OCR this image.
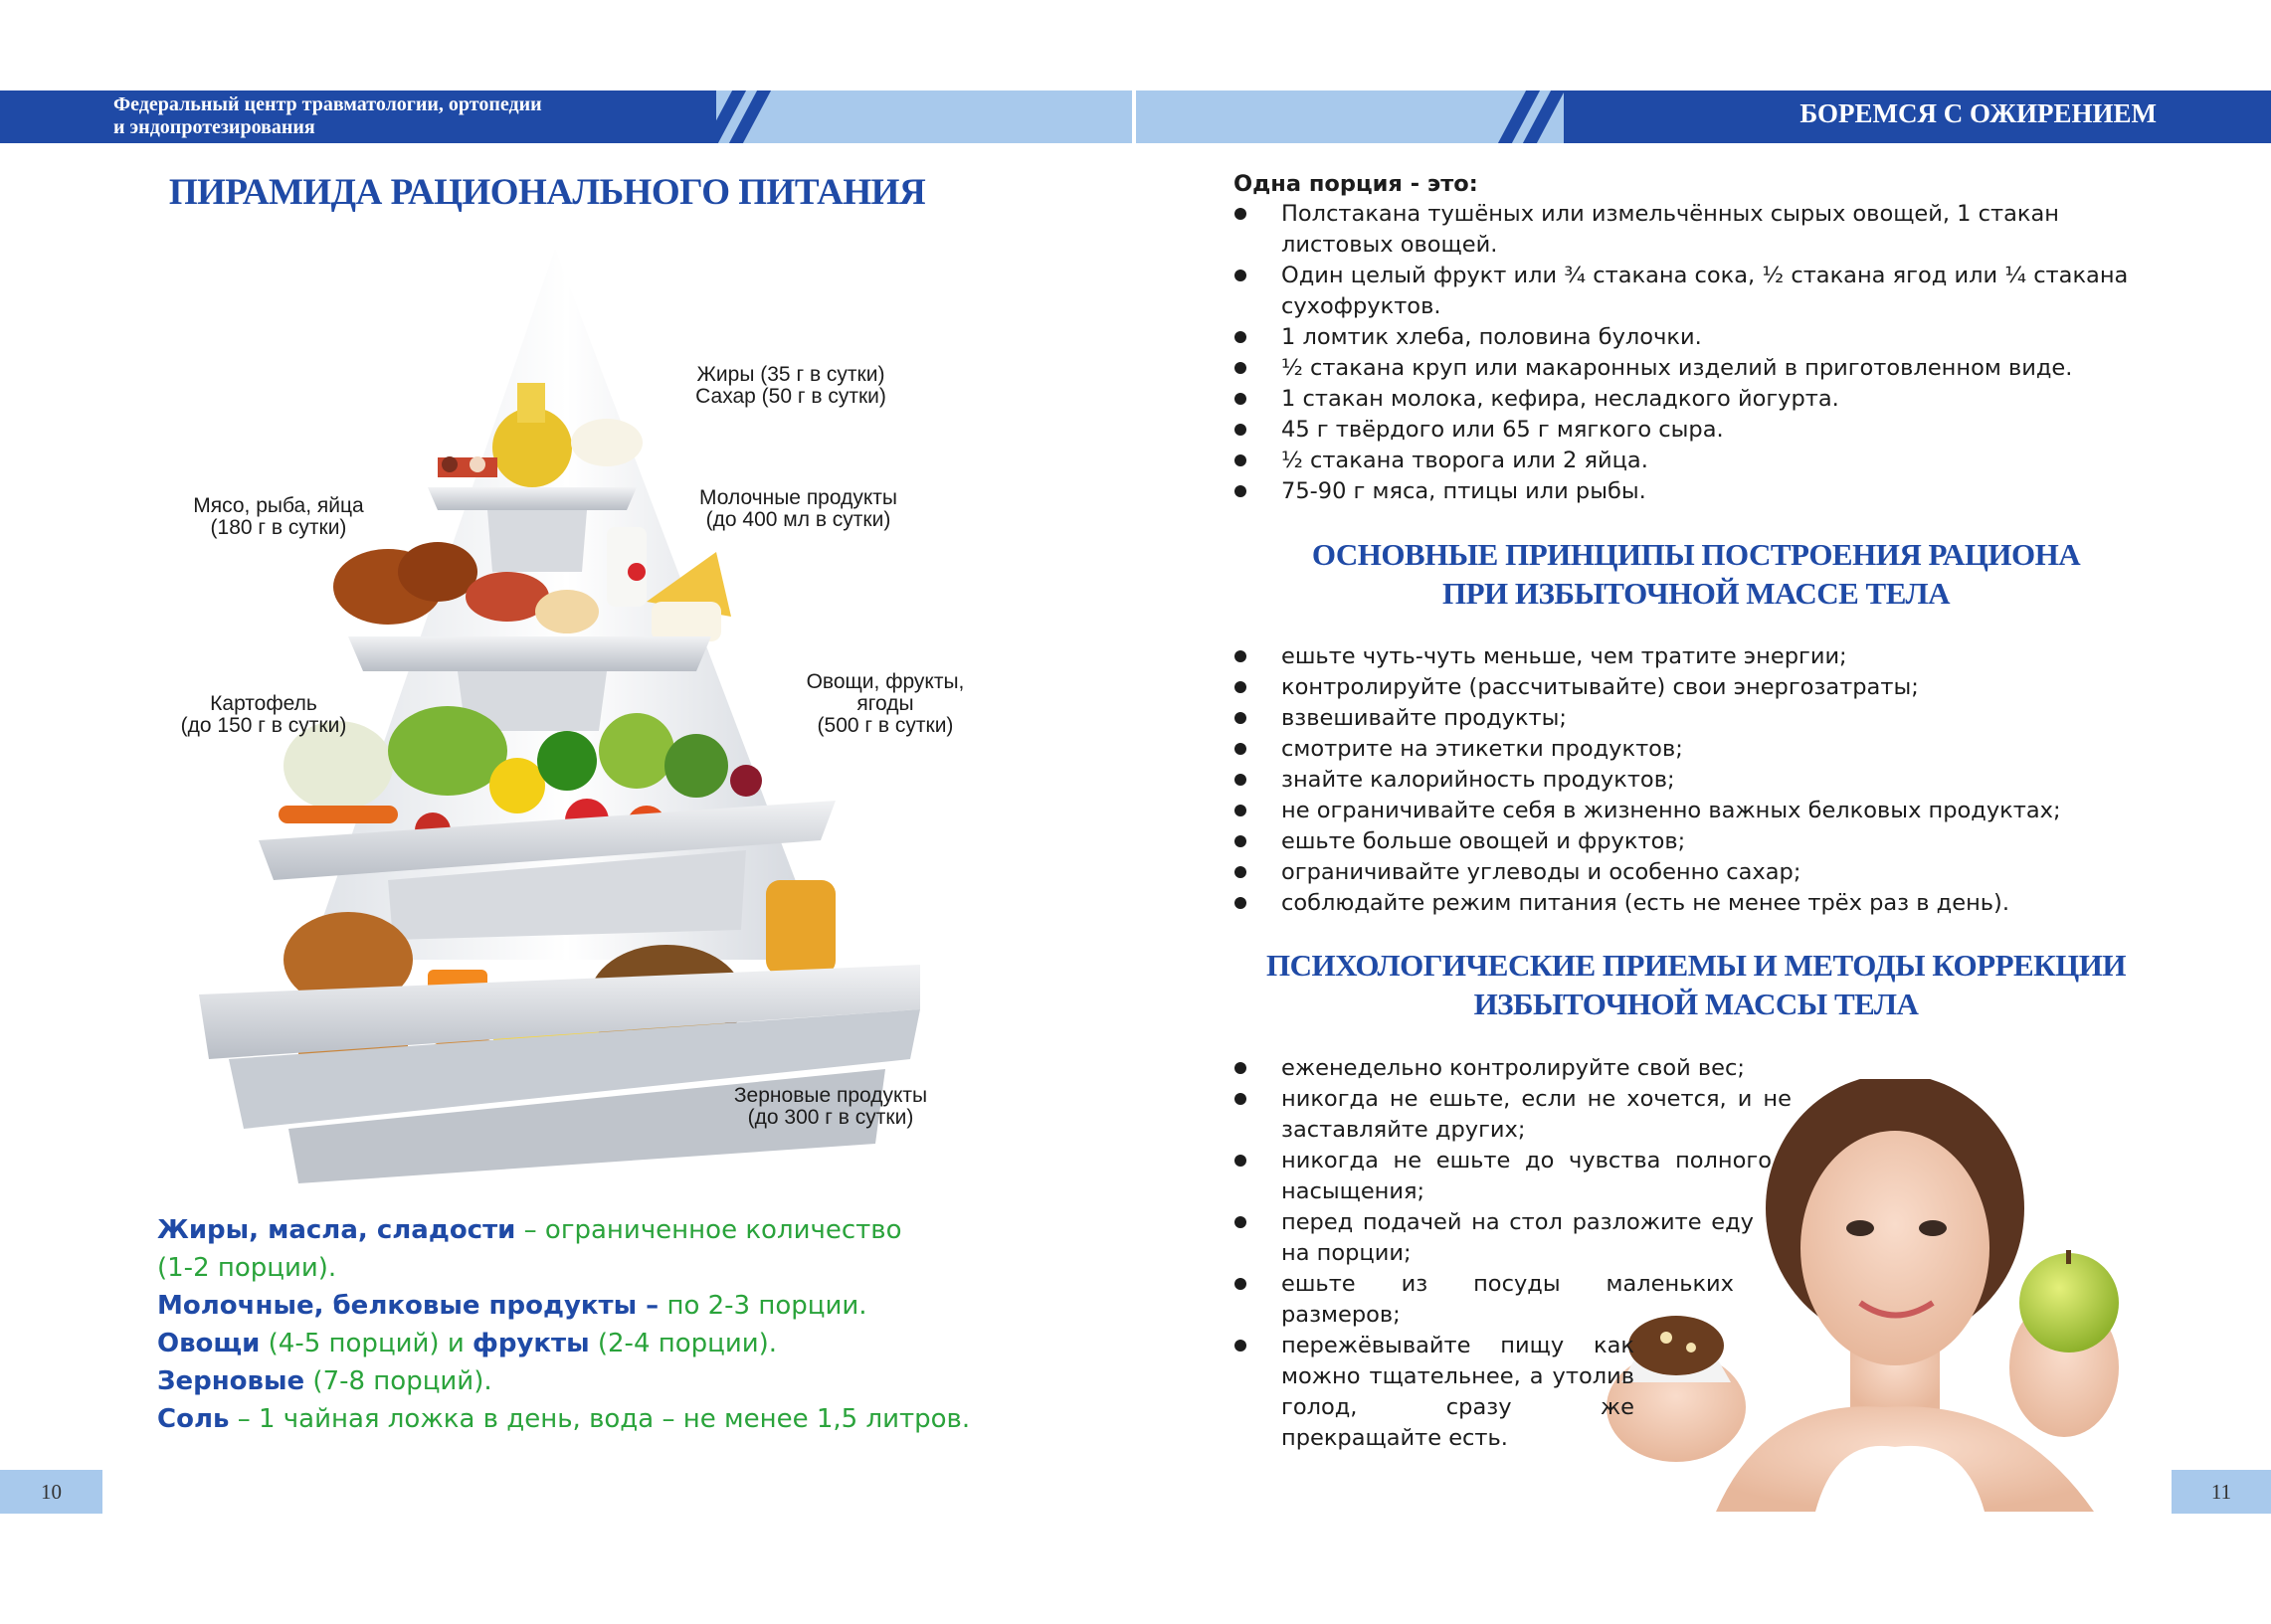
Федеральный центр травматологии, ортопедии
и эндопротезирования	БОРЕМСЯ С ОЖИРЕНИЕМ
ПИРАМИДА РАЦИОНАЛЬНОГО ПИТАНИЯ
Жиры (35 г в сутки)
Сахар (50 г в сутки)
Мясо, рыба, яйца
(180 г в сутки)
Молочные продукты
(до 400 мл в сутки)
Картофель
(до 150 г в сутки)
Овощи, фрукты,
ягоды
(500 г в сутки)
Зерновые продукты
(до 300 г в сутки)
Жиры, масла, сладости – ограниченное количество
(1-2 порции).
Молочные, белковые продукты – по 2-3 порции.
Овощи (4-5 порций) и фрукты (2-4 порции).
Зерновые (7-8 порций).
Соль – 1 чайная ложка в день, вода – не менее 1,5 литров.
10
Одна порция - это:
Полстакана тушёных или измельчённых сырых овощей, 1 стакан листовых овощей.
Один целый фрукт или ¾ стакана сока, ½ стакана ягод или ¼ стакана сухофруктов.
1 ломтик хлеба, половина булочки.
½ стакана круп или макаронных изделий в приготовленном виде.
1 стакан молока, кефира, несладкого йогурта.
45 г твёрдого или 65 г мягкого сыра.
½ стакана творога или 2 яйца.
75-90 г мяса, птицы или рыбы.
ОСНОВНЫЕ ПРИНЦИПЫ ПОСТРОЕНИЯ РАЦИОНА
ПРИ ИЗБЫТОЧНОЙ МАССЕ ТЕЛА
ешьте чуть-чуть меньше, чем тратите энергии;
контролируйте (рассчитывайте) свои энергозатраты;
взвешивайте продукты;
смотрите на этикетки продуктов;
знайте калорийность продуктов;
не ограничивайте себя в жизненно важных белковых продуктах;
ешьте больше овощей и фруктов;
ограничивайте углеводы и особенно сахар;
соблюдайте режим питания (есть не менее трёх раз в день).
ПСИХОЛОГИЧЕСКИЕ ПРИЕМЫ И МЕТОДЫ КОРРЕКЦИИ
ИЗБЫТОЧНОЙ МАССЫ ТЕЛА
еженедельно контролируйте свой вес;
никогда не ешьте, если не хочется, и не заставляйте других;
никогда не ешьте до чувства полного насыщения;
перед подачей на стол разложите еду на порции;
ешьте из посуды маленьких размеров;
пережёвывайте пищу как можно тщательнее, а утолив голод, сразу же прекращайте есть.
11
